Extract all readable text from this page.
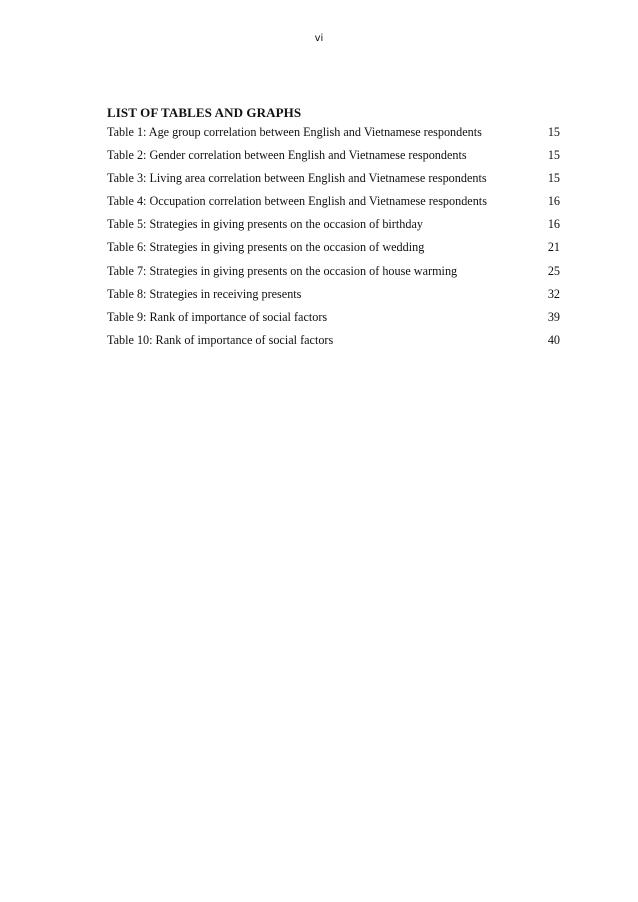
vi
LIST OF TABLES AND GRAPHS
Table 1: Age group correlation between English and Vietnamese respondents	15
Table 2: Gender correlation between English and Vietnamese respondents	15
Table 3: Living area correlation between English and Vietnamese respondents	15
Table 4: Occupation correlation between English and Vietnamese respondents	16
Table 5: Strategies in giving presents on the occasion of birthday	16
Table 6: Strategies in giving presents on the occasion of wedding	21
Table 7: Strategies in giving presents on the occasion of house warming	25
Table 8: Strategies in receiving presents	32
Table 9: Rank of importance of social factors	39
Table 10: Rank of importance of social factors	40
